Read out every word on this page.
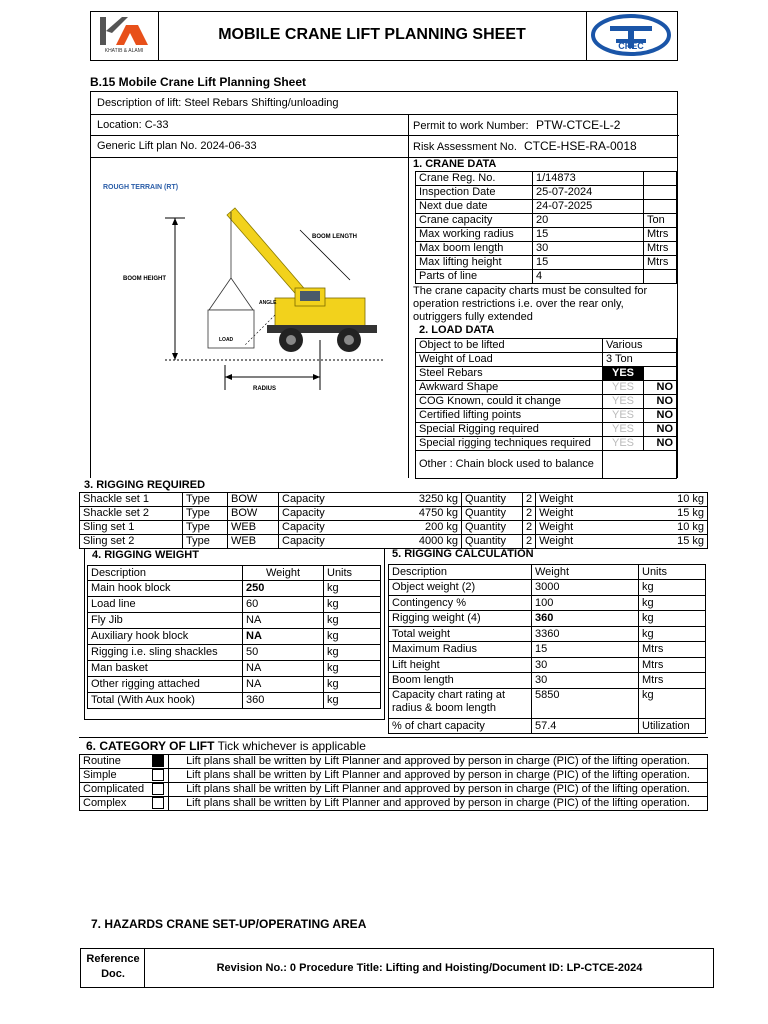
KHATIB & ALAMI
MOBILE CRANE LIFT PLANNING SHEET
CREC
B.15 Mobile Crane Lift Planning Sheet
Description of lift: Steel Rebars Shifting/unloading
Location: C-33
Generic Lift plan No. 2024-06-33
Permit to work Number: PTW-CTCE-L-2
Risk Assessment No. CTCE-HSE-RA-0018
ROUGH TERRAIN (RT)
BOOM LENGTH
BOOM HEIGHT
ANGLE
LOAD
RADIUS
1. CRANE DATA
Crane Reg. No.	1/14873	
Inspection Date	25-07-2024	
Next due date	24-07-2025	
Crane capacity	20	Ton
Max working radius	15	Mtrs
Max boom length	30	Mtrs
Max lifting height	15	Mtrs
Parts of line	4	
The crane capacity charts must be consulted for operation restrictions i.e. over the rear only, outriggers fully extended
2. LOAD DATA
Object to be lifted	Various	
Weight of Load	3 Ton	
Steel Rebars	YES	
Awkward Shape	YES	NO
COG Known, could it change	YES	NO
Certified lifting points	YES	NO
Special Rigging required	YES	NO
Special rigging techniques required	YES	NO
Other : Chain block used to balance		
3. RIGGING REQUIRED
Shackle set 1	Type	BOW	Capacity	3250 kg	Quantity	2	Weight	10 kg
Shackle set 2	Type	BOW	Capacity	4750 kg	Quantity	2	Weight	15 kg
Sling set 1	Type	WEB	Capacity	200 kg	Quantity	2	Weight	10 kg
Sling set 2	Type	WEB	Capacity	4000 kg	Quantity	2	Weight	15 kg
4. RIGGING WEIGHT
Description	Weight	Units
Main hook block	250	kg
Load line	60	kg
Fly Jib	NA	kg
Auxiliary hook block	NA	kg
Rigging i.e. sling shackles	50	kg
Man basket	NA	kg
Other rigging attached	NA	kg
Total (With Aux hook)	360	kg
5. RIGGING CALCULATION
Description	Weight	Units
Object weight (2)	3000	kg
Contingency %	100	kg
Rigging weight (4)	360	kg
Total weight	3360	kg
Maximum Radius	15	Mtrs
Lift height	30	Mtrs
Boom length	30	Mtrs
Capacity chart rating at radius & boom length	5850	kg
% of chart capacity	57.4	Utilization
6. CATEGORY OF LIFT Tick whichever is applicable
Routine		Lift plans shall be written by Lift Planner and approved by person in charge (PIC) of the lifting operation.
Simple		Lift plans shall be written by Lift Planner and approved by person in charge (PIC) of the lifting operation.
Complicated		Lift plans shall be written by Lift Planner and approved by person in charge (PIC) of the lifting operation.
Complex		Lift plans shall be written by Lift Planner and approved by person in charge (PIC) of the lifting operation.
7. HAZARDS CRANE SET-UP/OPERATING AREA
Reference Doc.	Revision No.: 0 Procedure Title: Lifting and Hoisting/Document ID: LP-CTCE-2024
